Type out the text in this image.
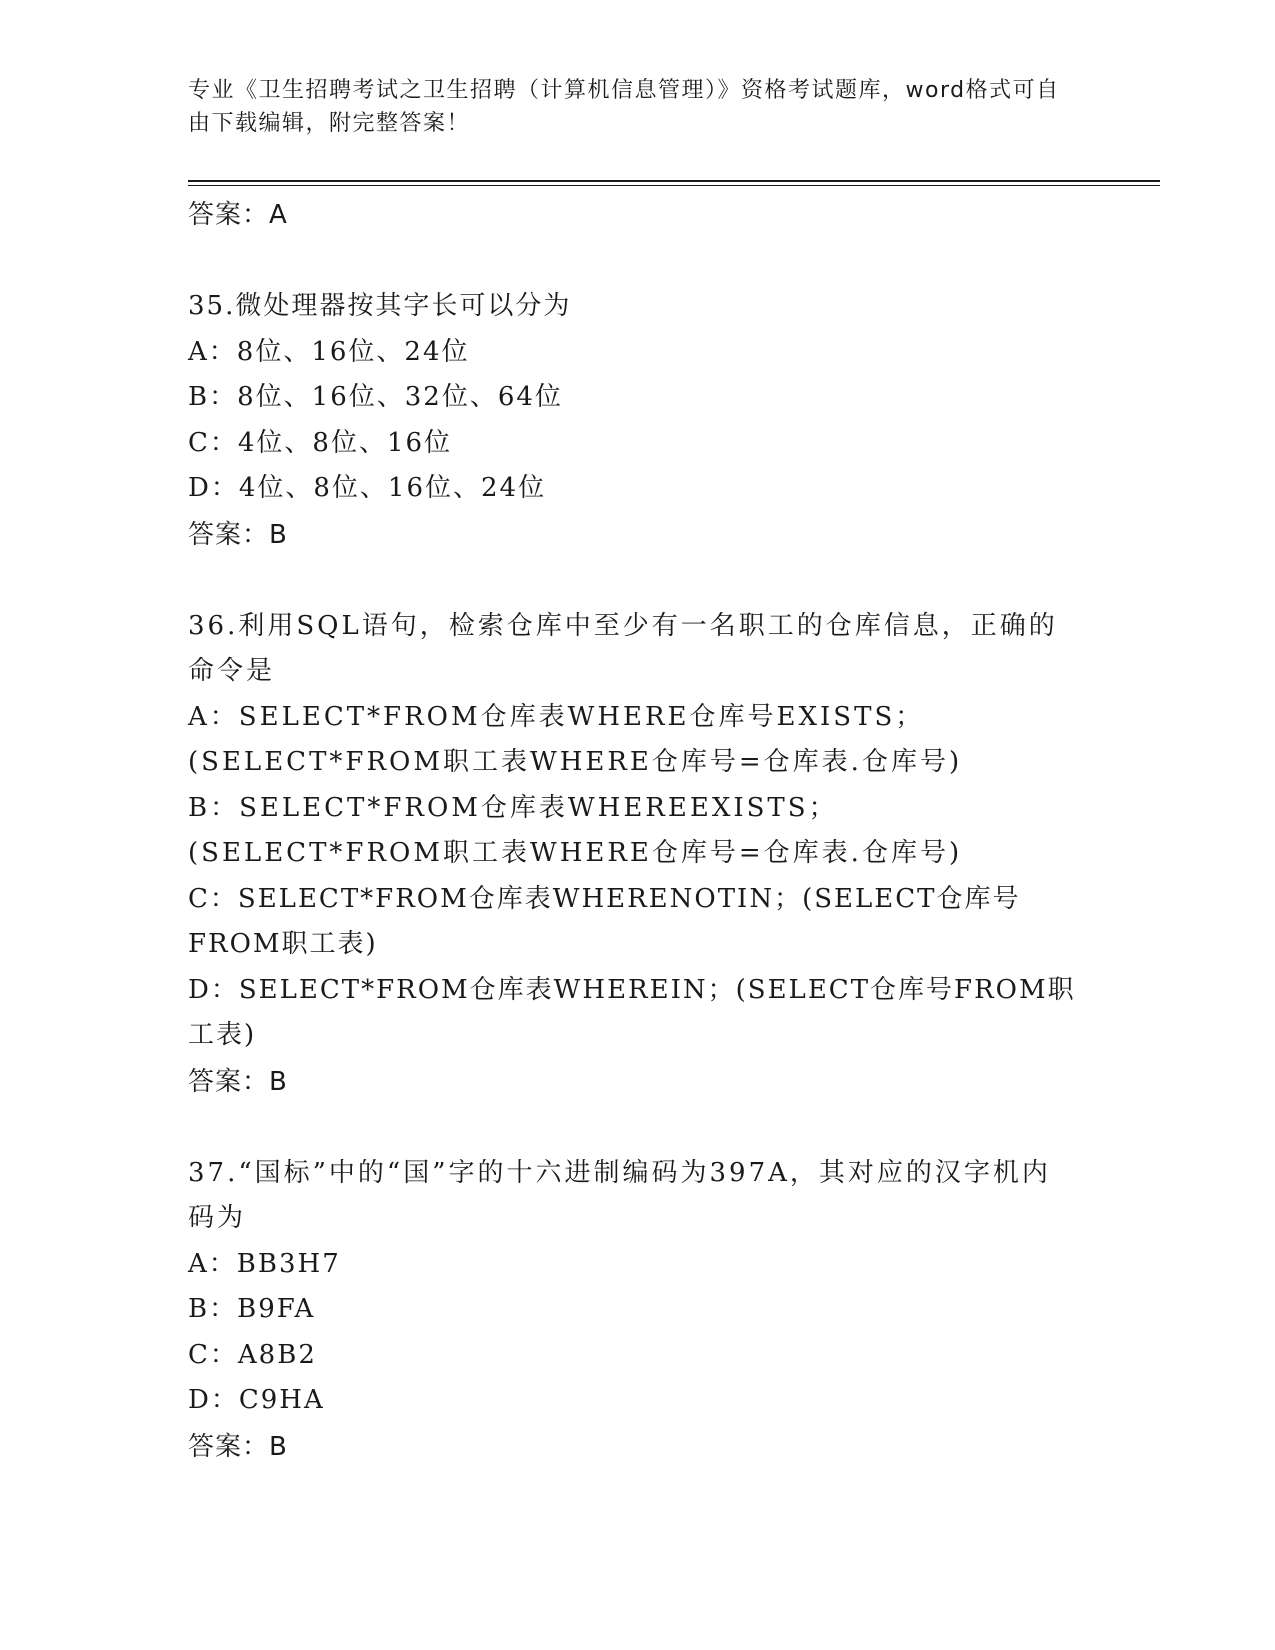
专业《卫生招聘考试之卫生招聘（计算机信息管理）》资格考试题库，word格式可自由下载编辑，附完整答案！

答案：A

35.微处理器按其字长可以分为

A：8位、16位、24位

B：8位、16位、32位、64位

C：4位、8位、16位

D：4位、8位、16位、24位

答案：B

36.利用SQL语句，检索仓库中至少有一名职工的仓库信息，正确的命令是

A：SELECT*FROM仓库表WHERE仓库号EXISTS；(SELECT*FROM职工表WHERE仓库号=仓库表.仓库号)

B：SELECT*FROM仓库表WHEREEXISTS；(SELECT*FROM职工表WHERE仓库号=仓库表.仓库号)

C：SELECT*FROM仓库表WHERENOTIN；(SELECT仓库号FROM职工表)

D：SELECT*FROM仓库表WHEREIN；(SELECT仓库号FROM职工表)

答案：B

37.“国标”中的“国”字的十六进制编码为397A，其对应的汉字机内码为

A：BB3H7

B：B9FA

C：A8B2

D：C9HA

答案：B
